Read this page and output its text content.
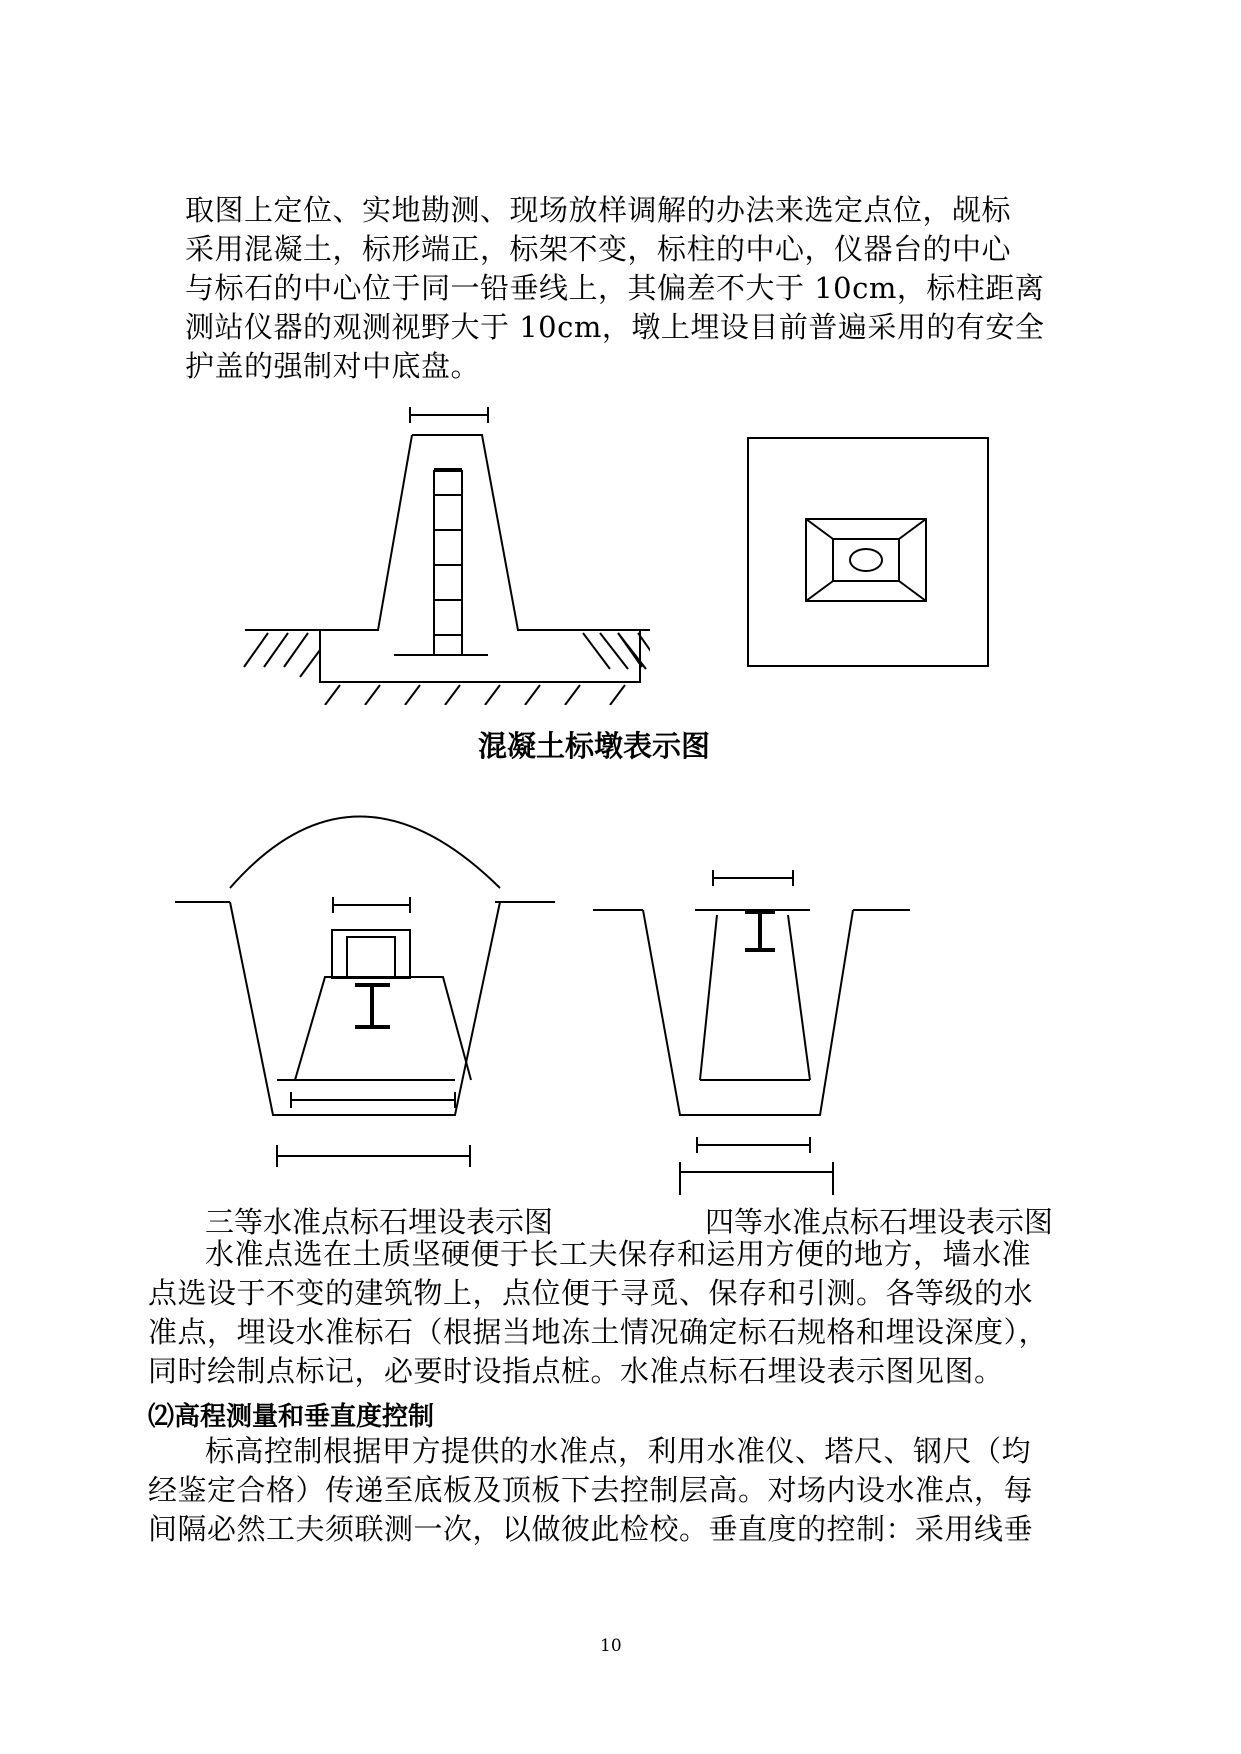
取图上定位、实地勘测、现场放样调解的办法来选定点位，觇标
采用混凝土，标形端正，标架不变，标柱的中心，仪器台的中心
与标石的中心位于同一铅垂线上，其偏差不大于 10cm，标柱距离
测站仪器的观测视野大于 10cm，墩上埋设目前普遍采用的有安全
护盖的强制对中底盘。
混凝土标墩表示图
三等水准点标石埋设表示图	四等水准点标石埋设表示图
水准点选在土质坚硬便于长工夫保存和运用方便的地方，墙水准
点选设于不变的建筑物上，点位便于寻觅、保存和引测。各等级的水
准点，埋设水准标石（根据当地冻土情况确定标石规格和埋设深度），
同时绘制点标记，必要时设指点桩。水准点标石埋设表示图见图。
⑵高程测量和垂直度控制
标高控制根据甲方提供的水准点，利用水准仪、塔尺、钢尺（均
经鉴定合格）传递至底板及顶板下去控制层高。对场内设水准点，每
间隔必然工夫须联测一次，以做彼此检校。垂直度的控制：采用线垂
10
